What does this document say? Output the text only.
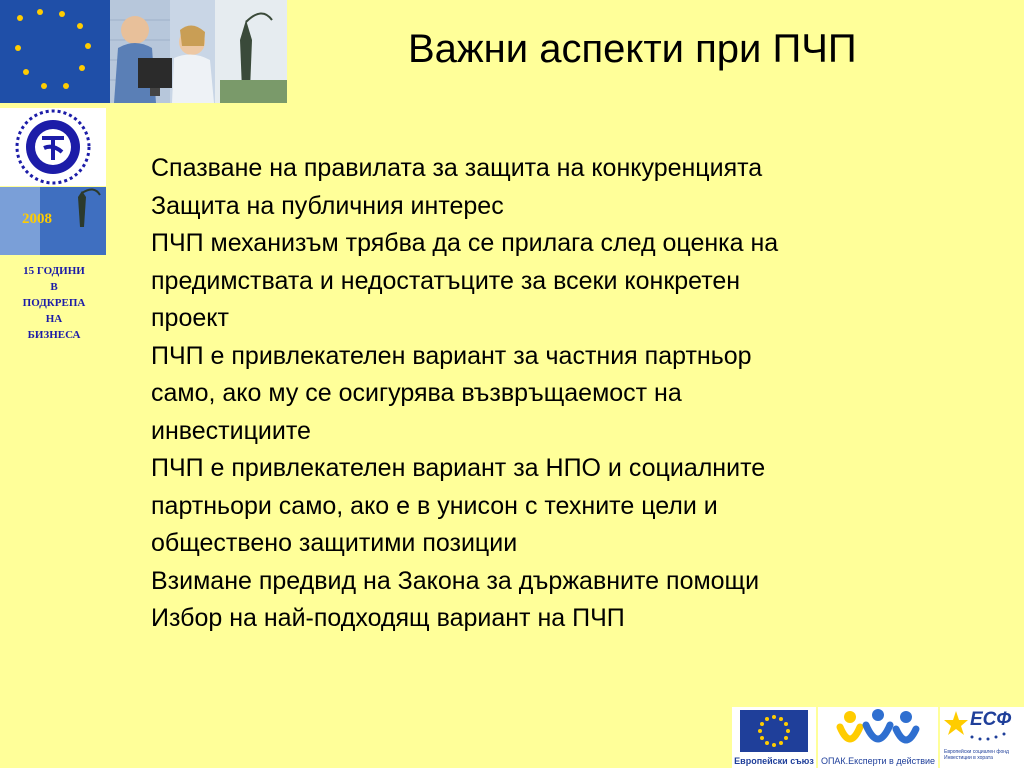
Важни аспекти при ПЧП
2008
15 ГОДИНИ
В
ПОДКРЕПА
НА
БИЗНЕСА
Спазване на правилата за защита на конкуренцията
Защита на публичния интерес
ПЧП механизъм трябва да се прилага след оценка на
предимствата и недостатъците за всеки конкретен
проект
ПЧП е привлекателен вариант за частния партньор
само, ако му се осигурява възвръщаемост на
инвестициите
ПЧП е привлекателен вариант за НПО и социалните
партньори само, ако е в унисон с техните цели и
обществено защитими позиции
Взимане предвид на Закона за държавните помощи
Избор на най-подходящ вариант на ПЧП
Европейски съюз ОПАК.Експерти в действие
ЕСФ
Европейски социален фонд
Инвестиции в хората
